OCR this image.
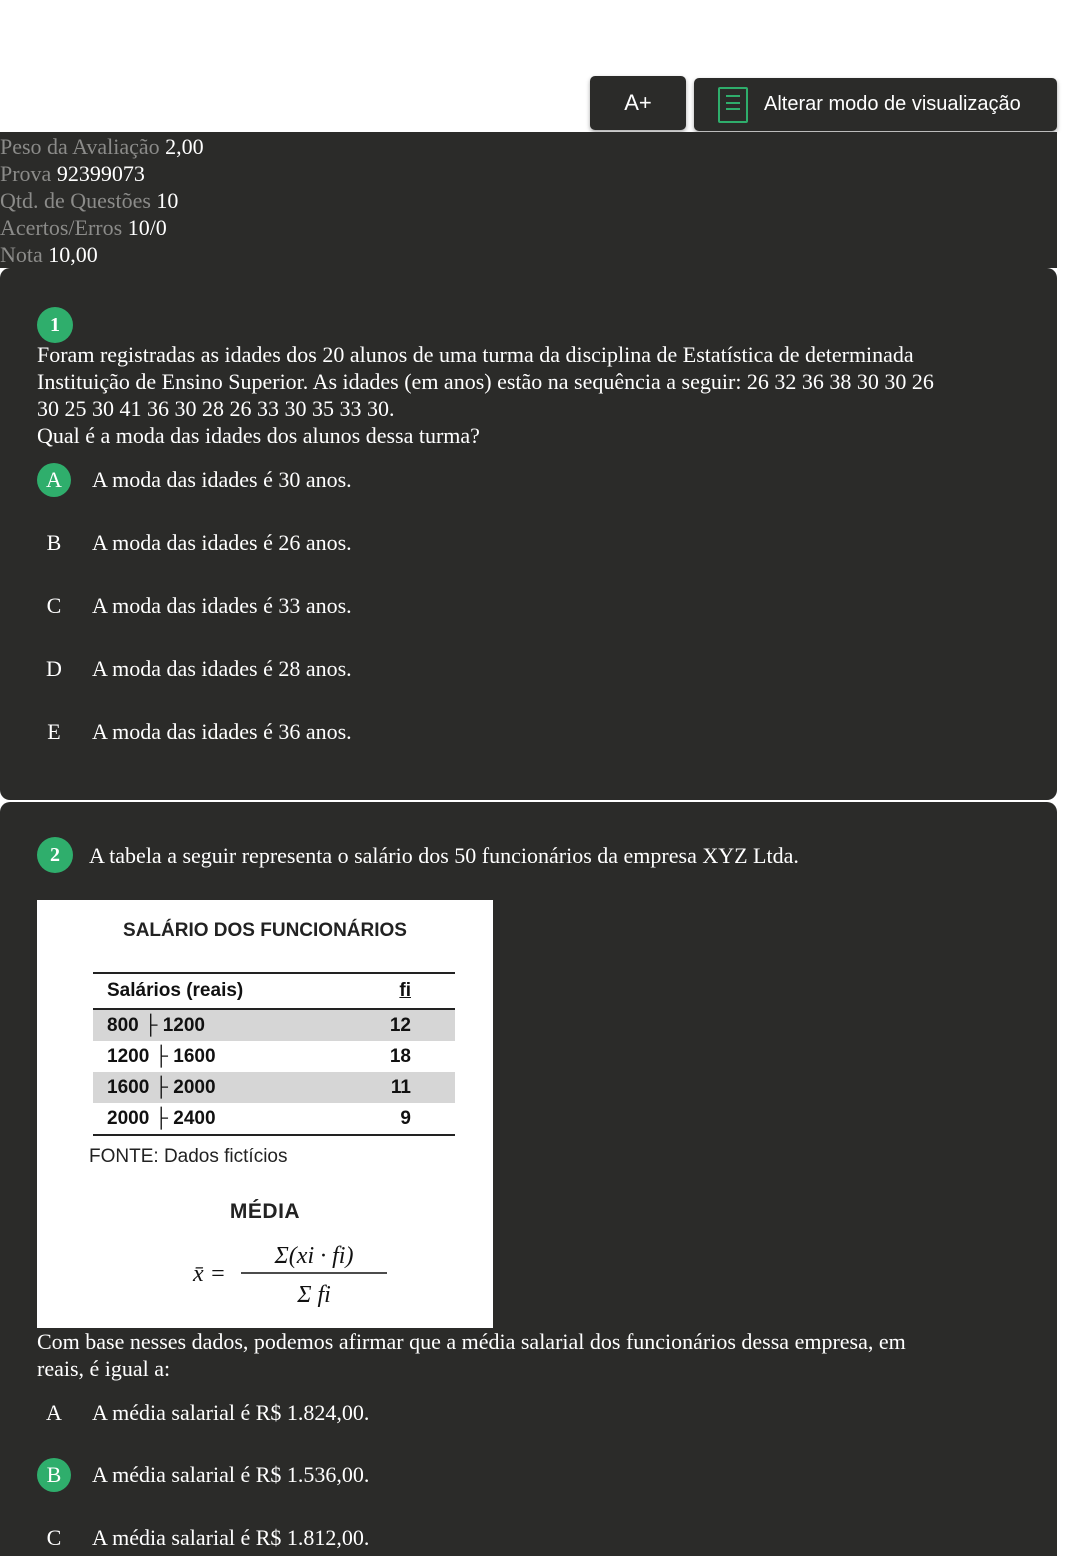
A+	Alterar modo de visualização
Peso da Avaliação 2,00
Prova 92399073
Qtd. de Questões 10
Acertos/Erros 10/0
Nota 10,00
1
Foram registradas as idades dos 20 alunos de uma turma da disciplina de Estatística de determinada
Instituição de Ensino Superior. As idades (em anos) estão na sequência a seguir: 26 32 36 38 30 30 26
30 25 30 41 36 30 28 26 33 30 35 33 30.
Qual é a moda das idades dos alunos dessa turma?
A	A moda das idades é 30 anos.
B	A moda das idades é 26 anos.
C	A moda das idades é 33 anos.
D	A moda das idades é 28 anos.
E	A moda das idades é 36 anos.
2	A tabela a seguir representa o salário dos 50 funcionários da empresa XYZ Ltda.
SALÁRIO DOS FUNCIONÁRIOS
Salários (reais)	fi
800 ├ 1200	12
1200 ├ 1600	18
1600 ├ 2000	11
2000 ├ 2400	9
FONTE: Dados fictícios
MÉDIA
x̄ =
Σ(xi · fi)
Σ fi
Com base nesses dados, podemos afirmar que a média salarial dos funcionários dessa empresa, em
reais, é igual a:
A	A média salarial é R$ 1.824,00.
B	A média salarial é R$ 1.536,00.
C	A média salarial é R$ 1.812,00.
